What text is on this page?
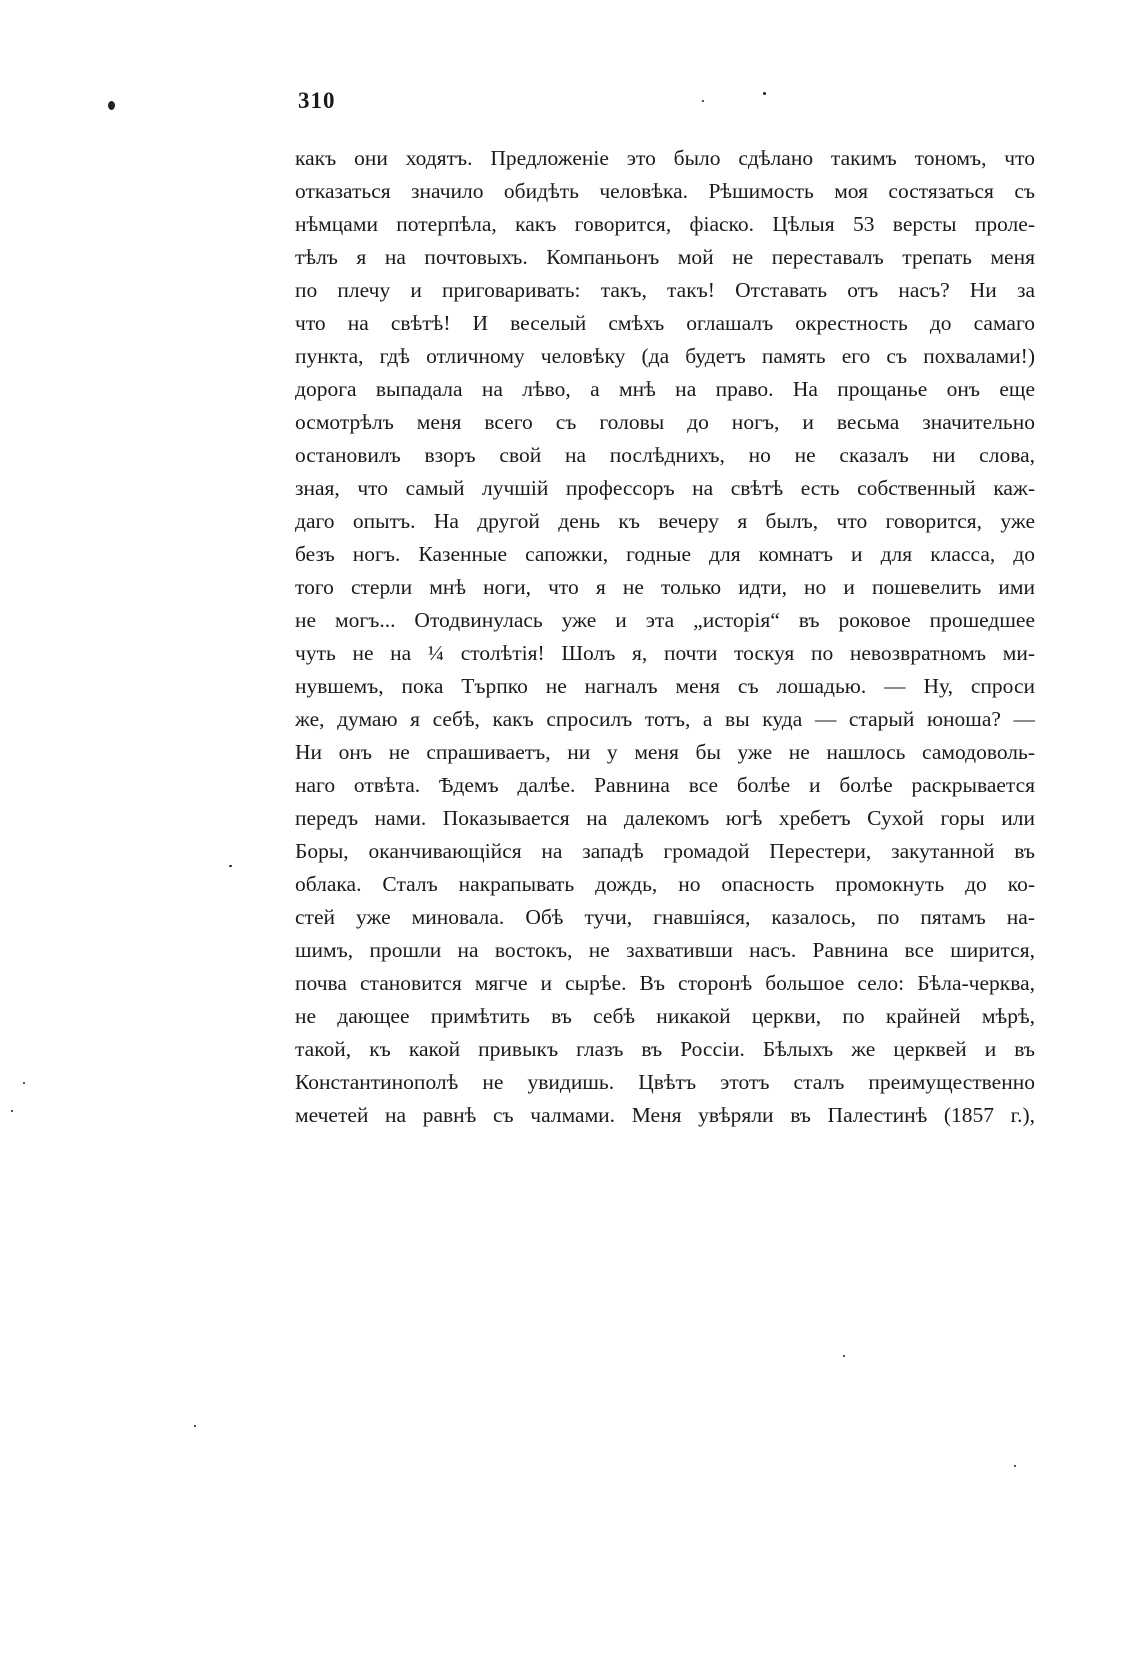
310
какъ они ходятъ. Предложеніе это было сдѣлано такимъ тономъ, что
отказаться значило обидѣть человѣка. Рѣшимость моя состязаться съ
нѣмцами потерпѣла, какъ говорится, фіаско. Цѣлыя 53 версты проле-
тѣлъ я на почтовыхъ. Компаньонъ мой не переставалъ трепать меня
по плечу и приговаривать: такъ, такъ! Отставать отъ насъ? Ни за
что на свѣтѣ! И веселый смѣхъ оглашалъ окрестность до самаго
пункта, гдѣ отличному человѣку (да будетъ память его съ похвалами!)
дорога выпадала на лѣво, а мнѣ на право. На прощанье онъ еще
осмотрѣлъ меня всего съ головы до ногъ, и весьма значительно
остановилъ взоръ свой на послѣднихъ, но не сказалъ ни слова,
зная, что самый лучшій профессоръ на свѣтѣ есть собственный каж-
даго опытъ. На другой день къ вечеру я былъ, что говорится, уже
безъ ногъ. Казенные сапожки, годные для комнатъ и для класса, до
того стерли мнѣ ноги, что я не только идти, но и пошевелить ими
не могъ... Отодвинулась уже и эта „исторія“ въ роковое прошедшее
чуть не на ¼ столѣтія! Шолъ я, почти тоскуя по невозвратномъ ми-
нувшемъ, пока Търпко не нагналъ меня съ лошадью. — Ну, спроси
же, думаю я себѣ, какъ спросилъ тотъ, а вы куда — старый юноша? —
Ни онъ не спрашиваетъ, ни у меня бы уже не нашлось самодоволь-
наго отвѣта. Ѣдемъ далѣе. Равнина все болѣе и болѣе раскрывается
передъ нами. Показывается на далекомъ югѣ хребетъ Сухой горы или
Боры, оканчивающійся на западѣ громадой Перестери, закутанной въ
облака. Сталъ накрапывать дождь, но опасность промокнуть до ко-
стей уже миновала. Обѣ тучи, гнавшіяся, казалось, по пятамъ на-
шимъ, прошли на востокъ, не захвативши насъ. Равнина все ширится,
почва становится мягче и сырѣе. Въ сторонѣ большое село: Бѣла-черква,
не дающее примѣтить въ себѣ никакой церкви, по крайней мѣрѣ,
такой, къ какой привыкъ глазъ въ Россіи. Бѣлыхъ же церквей и въ
Константинополѣ не увидишь. Цвѣтъ этотъ сталъ преимущественно
мечетей на равнѣ съ чалмами. Меня увѣряли въ Палестинѣ (1857 г.),
